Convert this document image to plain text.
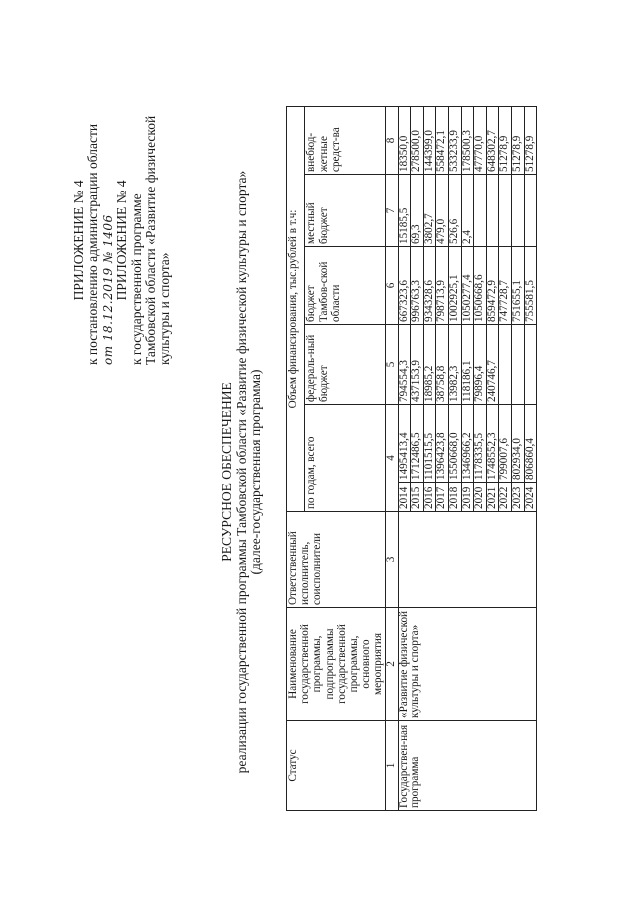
ПРИЛОЖЕНИЕ № 4 к постановлению администрации области от 18.12.2019 № 1406 ПРИЛОЖЕНИЕ № 4 к государственной программе Тамбовской области «Развитие физической культуры и спорта»
РЕСУРСНОЕ ОБЕСПЕЧЕНИЕ реализации государственной программы Тамбовской области «Развитие физической культуры и спорта» (далее-государственная программа)
Статус	Наименование государственной программы, подпрограммы государственной программы, основного мероприятия	Ответственный исполнитель, соисполнители	Объем финансирования, тыс.рублей в т.ч:					
			по годам, всего		федераль-ный бюджет	бюджет Тамбов-ской области	местный бюджет	внебюд-жетные средст-ва
1	2	3	4		5	6	7	8
Государствен-ная программа	«Развитие физической культуры и спорта»		2014	1495413,4	794554,3	667323,6	15185,5	18350,0
			2015	1712486,5	437153,9	996763,3	69,3	278500,0
			2016	1101515,5	18985,2	934328,6	3802,7	144399,0
			2017	1396423,8	38758,8	798713,9	479,0	558472,1
			2018	1550668,0	13982,3	1002925,1	526,6	533233,9
			2019	1346966,2	118186,1	1050277,4	2,4	178500,3
			2020	1178335,5	79896,4	1050668,6		47770,0
			2021	1748552,3	240746,7	859472,9		648302,7
			2022	799007,6		747728,7		51278,9
			2023	802934,0		751655,1		51278,9
			2024	806860,4		755581,5		51278,9
